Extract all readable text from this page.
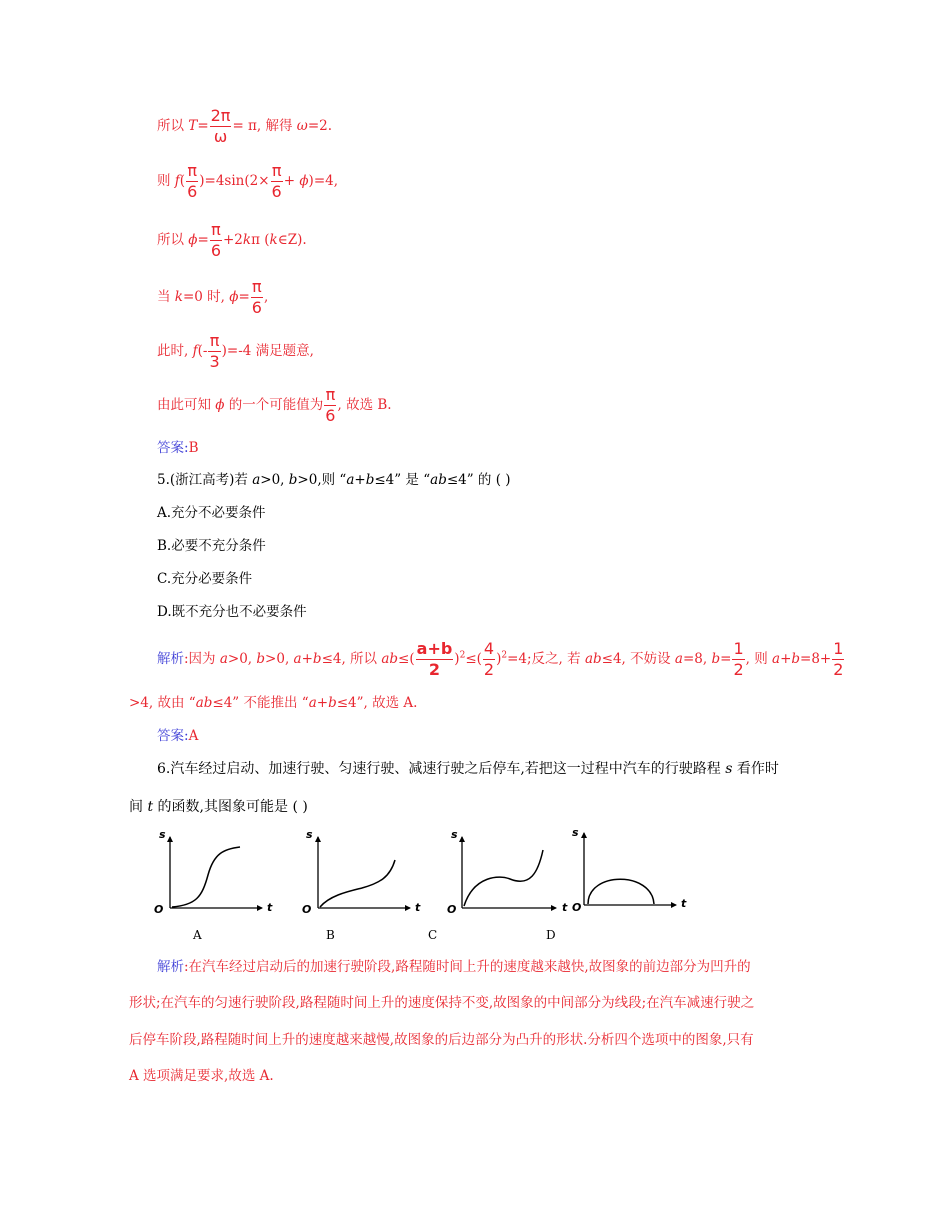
所以 $T= \frac{2\pi}{\omega} = \pi$, 解得 ω=2.
则 $f( \frac{\pi}{6} )=4\sin(2\times \frac{\pi}{6} + \phi)=4$,
所以 $\phi= \frac{\pi}{6} +2k\pi$ (k∈Z).
当 k=0 时, $\phi= \frac{\pi}{6}$ ,
此时, $f(- \frac{\pi}{3} )=-4$ 满足题意,
由此可知 ϕ 的一个可能值为 $\frac{\pi}{6}$ , 故选 B.
答案:B
5.(浙江高考)若 a>0, b>0,则 “a+b≤4” 是 “ab≤4” 的 ( )
A.充分不必要条件
B.必要不充分条件
C.充分必要条件
D.既不充分也不必要条件
解析:因为 a>0, b>0, a+b≤4, 所以 $ab\le( \frac{a+b}{2} )^2\le( \frac{4}{2} )^2=4$;反之, 若 ab≤4, 不妨设 a=8, $b= \frac{1}{2}$ , 则 $a+b=8+ \frac{1}{2}$
>4, 故由 “ab≤4” 不能推出 “a+b≤4”, 故选 A.
答案:A
6.汽车经过启动、加速行驶、匀速行驶、减速行驶之后停车,若把这一过程中汽车的行驶路程 s 看作时
间 t 的函数,其图象可能是 ( )
s
O	t
s
O	t
s
O	t
s
O	t
A	B	C	D
解析:在汽车经过启动后的加速行驶阶段,路程随时间上升的速度越来越快,故图象的前边部分为凹升的
形状;在汽车的匀速行驶阶段,路程随时间上升的速度保持不变,故图象的中间部分为线段;在汽车减速行驶之
后停车阶段,路程随时间上升的速度越来越慢,故图象的后边部分为凸升的形状.分析四个选项中的图象,只有
A 选项满足要求,故选 A.
